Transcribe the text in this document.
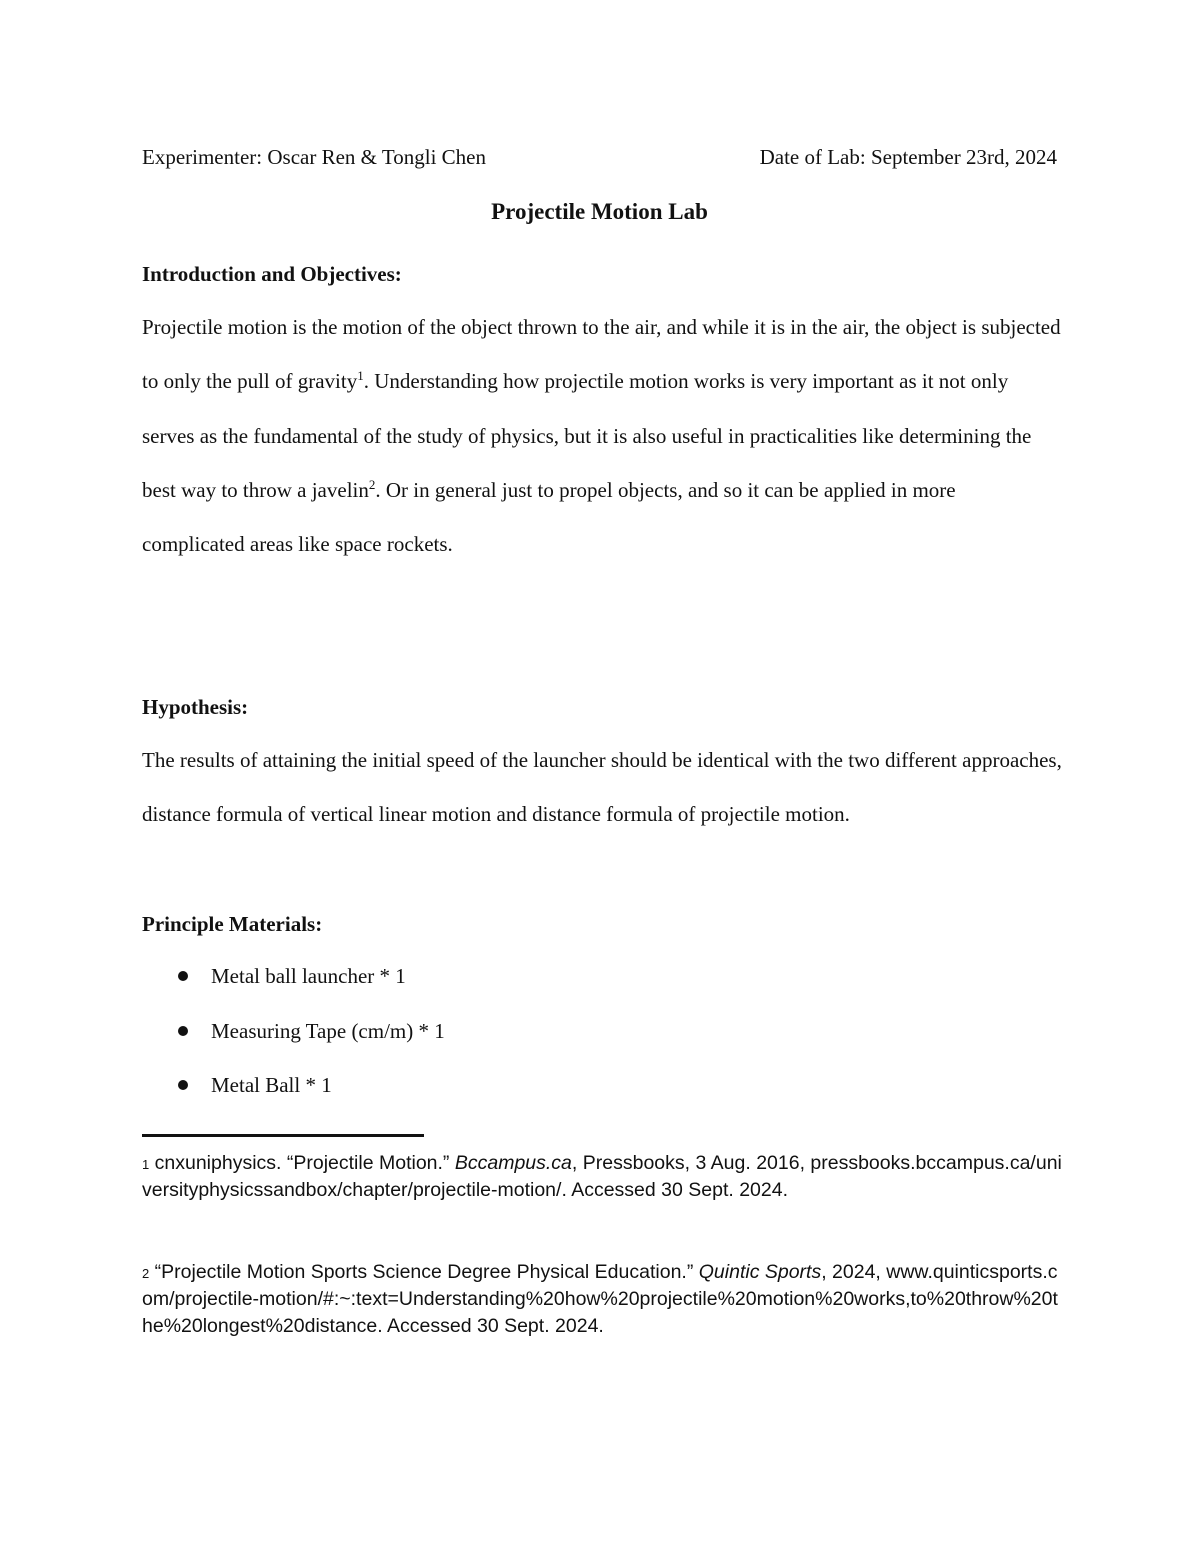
Experimenter: Oscar Ren & Tongli Chen	Date of Lab: September 23rd, 2024
Projectile Motion Lab
Introduction and Objectives:
Projectile motion is the motion of the object thrown to the air, and while it is in the air, the object is subjected to only the pull of gravity$^1$. Understanding how projectile motion works is very important as it not only serves as the fundamental of the study of physics, but it is also useful in practicalities like determining the best way to throw a javelin$^2$. Or in general just to propel objects, and so it can be applied in more complicated areas like space rockets.
Hypothesis:
The results of attaining the initial speed of the launcher should be identical with the two different approaches, distance formula of vertical linear motion and distance formula of projectile motion.
Principle Materials:
Metal ball launcher * 1
Measuring Tape (cm/m) * 1
Metal Ball * 1
$^1$ cnxuniphysics. “Projectile Motion.” Bccampus.ca, Pressbooks, 3 Aug. 2016, pressbooks.bccampus.ca/universityphysicssandbox/chapter/projectile-motion/. Accessed 30 Sept. 2024.
$^2$ “Projectile Motion Sports Science Degree Physical Education.” Quintic Sports, 2024, www.quinticsports.com/projectile-motion/#:~:text=Understanding%20how%20projectile%20motion%20works,to%20throw%20the%20longest%20distance. Accessed 30 Sept. 2024.
